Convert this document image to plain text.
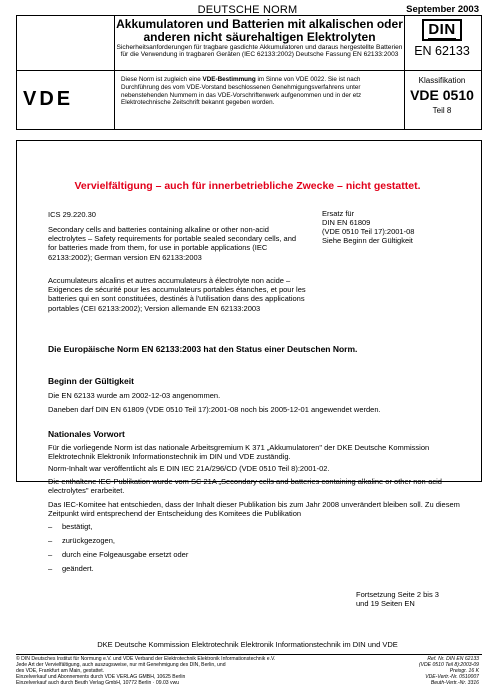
DEUTSCHE NORM	September 2003
Akkumulatoren und Batterien mit alkalischen oder anderen nicht säurehaltigen Elektrolyten
Sicherheitsanforderungen für tragbare gasdichte Akkumulatoren und daraus hergestellte Batterien für die Verwendung in tragbaren Geräten (IEC 62133:2002) Deutsche Fassung EN 62133:2003
DIN
EN 62133
VDE
Diese Norm ist zugleich eine VDE-Bestimmung im Sinne von VDE 0022. Sie ist nach Durchführung des vom VDE-Vorstand beschlossenen Genehmigungsverfahrens unter nebenstehenden Nummern in das VDE-Vorschriftenwerk aufgenommen und in der etz Elektrotechnische Zeitschrift bekannt gegeben worden.
Klassifikation
VDE 0510
Teil 8
Vervielfältigung – auch für innerbetriebliche Zwecke – nicht gestattet.
ICS 29.220.30	Ersatz für
DIN EN 61809
(VDE 0510 Teil 17):2001-08
Siehe Beginn der Gültigkeit
Secondary cells and batteries containing alkaline or other non-acid electrolytes – Safety requirements for portable sealed secondary cells, and for batteries made from them, for use in portable applications (IEC 62133:2002); German version EN 62133:2003
Accumulateurs alcalins et autres accumulateurs à électrolyte non acide – Exigences de sécurité pour les accumulateurs portables étanches, et pour les batteries qui en sont constituées, destinés à l'utilisation dans des applications portables (CEI 62133:2002); Version allemande EN 62133:2003
Die Europäische Norm EN 62133:2003 hat den Status einer Deutschen Norm.
Beginn der Gültigkeit
Die EN 62133 wurde am 2002-12-03 angenommen.
Daneben darf DIN EN 61809 (VDE 0510 Teil 17):2001-08 noch bis 2005-12-01 angewendet werden.
Nationales Vorwort
Für die vorliegende Norm ist das nationale Arbeitsgremium K 371 „Akkumulatoren" der DKE Deutsche Kommission Elektrotechnik Elektronik Informationstechnik im DIN und VDE zuständig.
Norm-Inhalt war veröffentlicht als E DIN IEC 21A/296/CD (VDE 0510 Teil 8):2001-02.
Die enthaltene IEC-Publikation wurde vom SC 21A „Secondary cells and batteries containing alkaline or other non-acid electrolytes" erarbeitet.
Das IEC-Komitee hat entschieden, dass der Inhalt dieser Publikation bis zum Jahr 2008 unverändert bleiben soll. Zu diesem Zeitpunkt wird entsprechend der Entscheidung des Komitees die Publikation
– bestätigt,
– zurückgezogen,
– durch eine Folgeausgabe ersetzt oder
– geändert.
Fortsetzung Seite 2 bis 3
und 19 Seiten EN
DKE Deutsche Kommission Elektrotechnik Elektronik Informationstechnik im DIN und VDE
© DIN Deutsches Institut für Normung e.V. und VDE Verband der Elektrotechnik Elektronik Informationstechnik e.V.
Jede Art der Vervielfältigung, auch auszugsweise, nur mit Genehmigung des DIN, Berlin, und
des VDE, Frankfurt am Main, gestattet.
Einzelverkauf und Abonnements durch VDE VERLAG GMBH, 10625 Berlin
Einzelverkauf auch durch Beuth Verlag GmbH, 10772 Berlin · 09.03 vwu
Ref. Nr. DIN EN 62133
(VDE 0510 Teil 8):2003-09
Preisgr. 16 K
VDE-Vertr.-Nr. 0510007
Beuth-Vertr.-Nr. 3316
